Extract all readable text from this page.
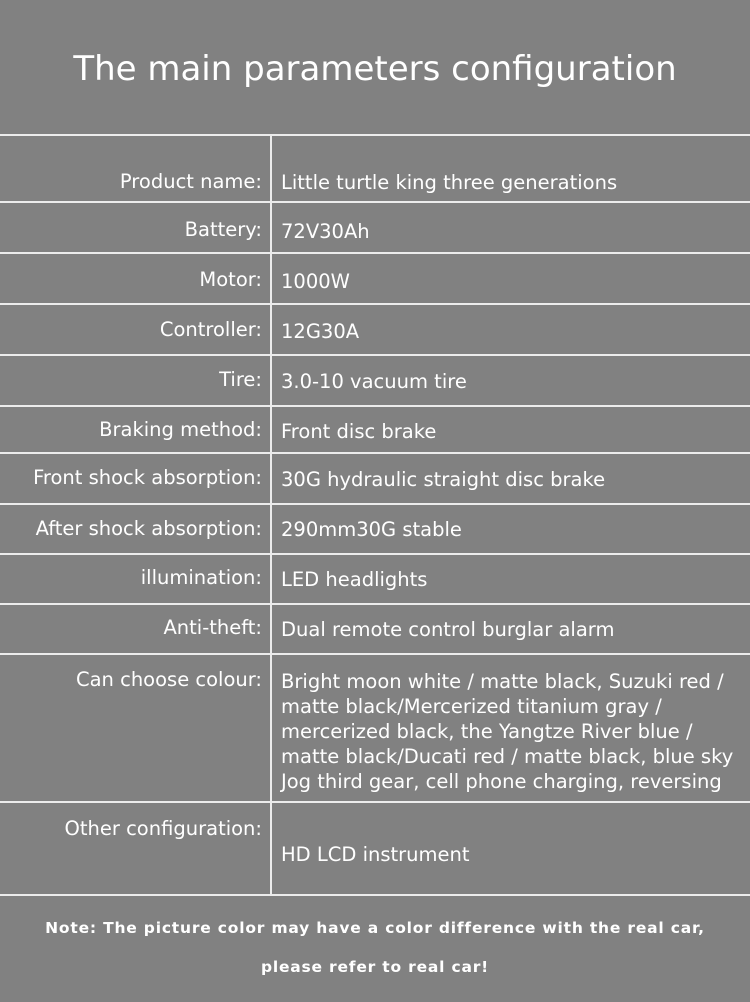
The main parameters configuration
Product name: Little turtle king three generations
Battery: 72V30Ah
Motor: 1000W
Controller: 12G30A
Tire: 3.0-10 vacuum tire
Braking method: Front disc brake
Front shock absorption: 30G hydraulic straight disc brake
After shock absorption: 290mm30G stable
illumination: LED headlights
Anti-theft: Dual remote control burglar alarm
Can choose colour: Bright moon white / matte black, Suzuki red /
matte black/Mercerized titanium gray /
mercerized black, the Yangtze River blue /
matte black/Ducati red / matte black, blue sky
Jog third gear, cell phone charging, reversing
Other configuration:
HD LCD instrument
Note: The picture color may have a color difference with the real car,
please refer to real car!
